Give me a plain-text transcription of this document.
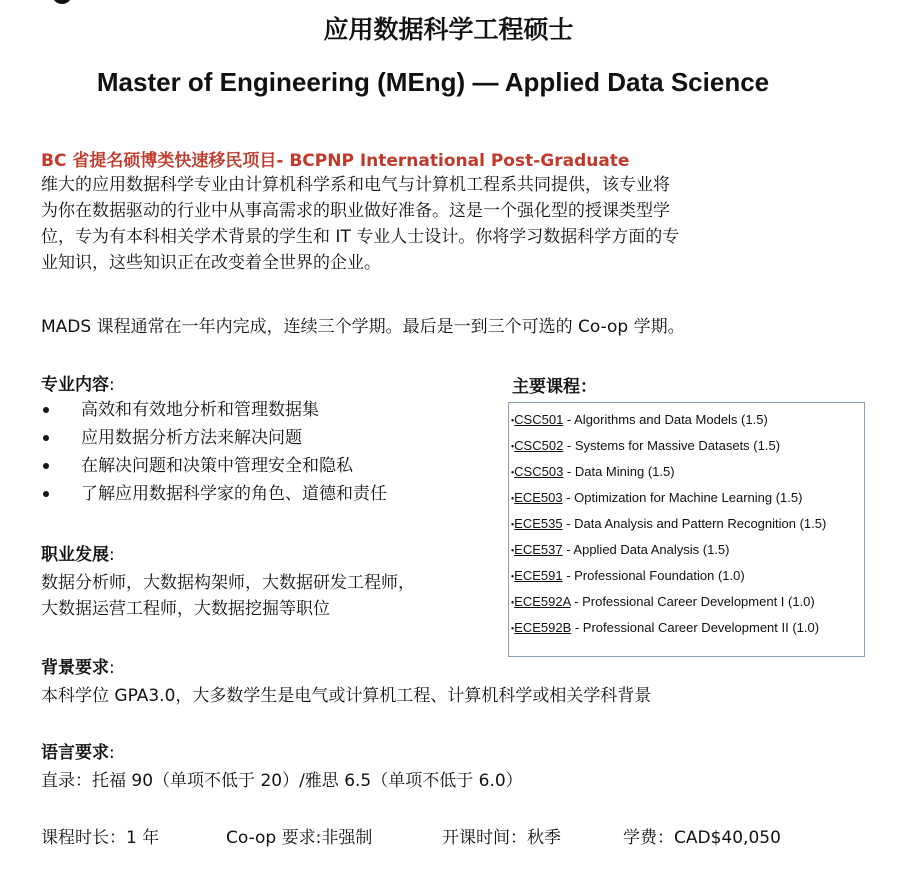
应用数据科学工程硕士
Master of Engineering (MEng) — Applied Data Science
BC 省提名硕博类快速移民项目- BCPNP International Post-Graduate

维大的应用数据科学专业由计算机科学系和电气与计算机工程系共同提供，该专业将

为你在数据驱动的行业中从事高需求的职业做好准备。这是一个强化型的授课类型学

位，专为有本科相关学术背景的学生和 IT 专业人士设计。你将学习数据科学方面的专

业知识，这些知识正在改变着全世界的企业。

MADS 课程通常在一年内完成，连续三个学期。最后是一到三个可选的 Co-op 学期。
专业内容:
高效和有效地分析和管理数据集
应用数据分析方法来解决问题
在解决问题和决策中管理安全和隐私
了解应用数据科学家的角色、道德和责任
职业发展:
数据分析师，大数据构架师，大数据研发工程师，
大数据运营工程师，大数据挖掘等职位
背景要求:
本科学位 GPA3.0，大多数学生是电气或计算机工程、计算机科学或相关学科背景
语言要求:
直录：托福 90（单项不低于 20）/雅思 6.5（单项不低于 6.0）
主要课程：
•CSC501 - Algorithms and Data Models (1.5)
•CSC502 - Systems for Massive Datasets (1.5)
•CSC503 - Data Mining (1.5)
•ECE503 - Optimization for Machine Learning (1.5)
•ECE535 - Data Analysis and Pattern Recognition (1.5)
•ECE537 - Applied Data Analysis (1.5)
•ECE591 - Professional Foundation (1.0)
•ECE592A - Professional Career Development I (1.0)
•ECE592B - Professional Career Development II (1.0)
课程时长：1 年	Co-op 要求:非强制	开课时间：秋季	学费：CAD$40,050
